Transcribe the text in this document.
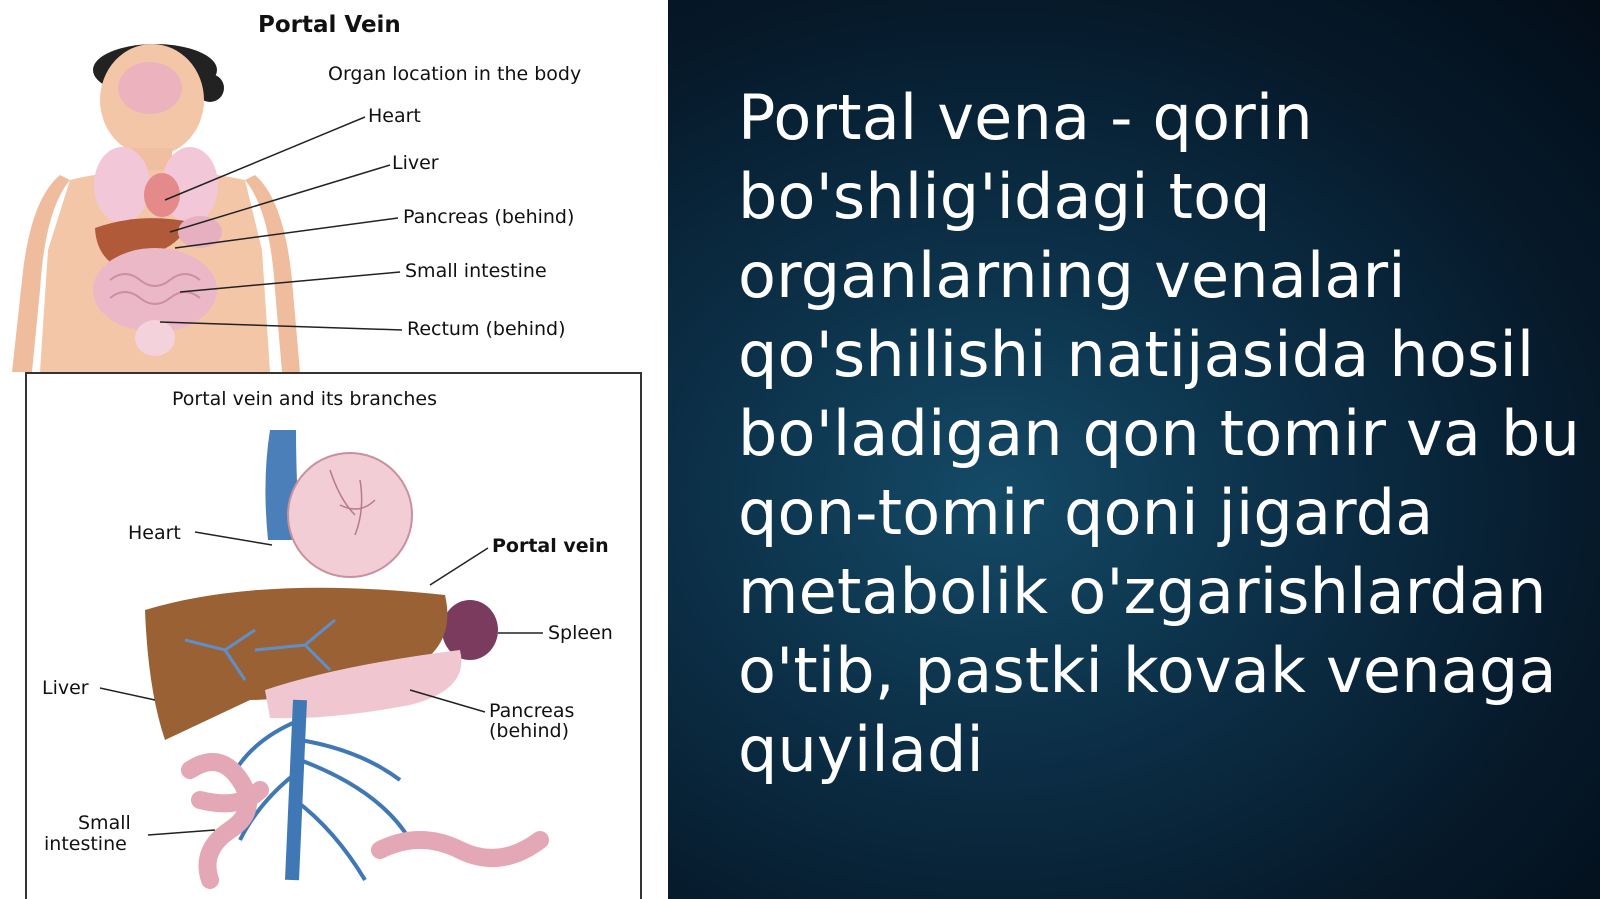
Portal Vein
Organ location in the body
Heart
Liver
Pancreas (behind)
Small intestine
Rectum (behind)
Portal vein and its branches
Heart
Portal vein
Spleen
Liver
Pancreas
(behind)
Small
intestine
Portal vena - qorin bo'shlig'idagi toq organlarning venalari qo'shilishi natijasida hosil bo'ladigan qon tomir va bu qon-tomir qoni jigarda metabolik o'zgarishlardan o'tib, pastki kovak venaga quyiladi
